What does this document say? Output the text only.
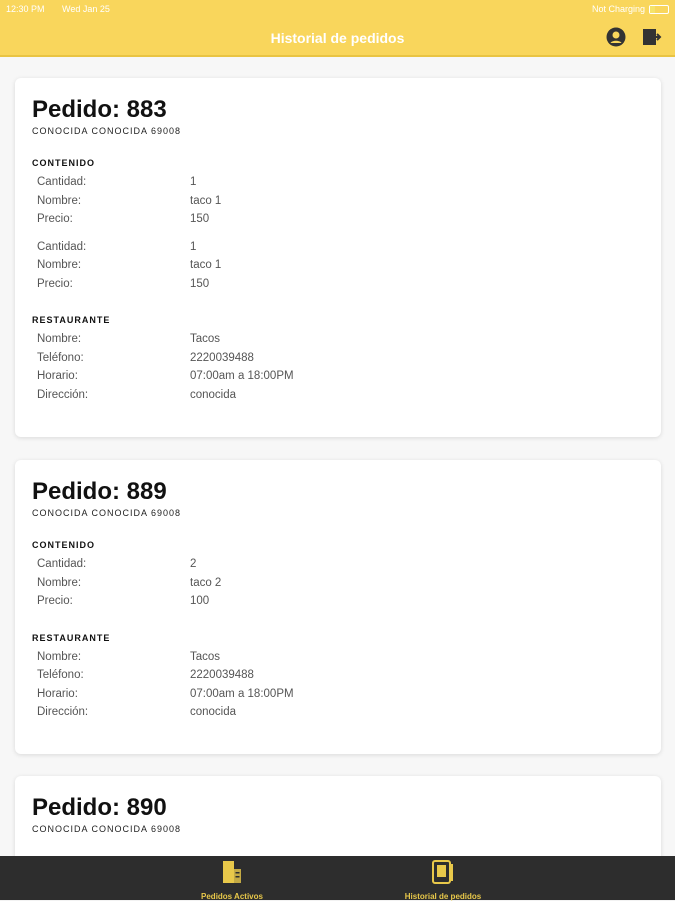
12:30 PM Wed Jan 25	Not Charging
Historial de pedidos
Pedido: 883
CONOCIDA CONOCIDA 69008
CONTENIDO
Cantidad:	1
Nombre:	taco 1
Precio:	150
Cantidad:	1
Nombre:	taco 1
Precio:	150
RESTAURANTE
Nombre:	Tacos
Teléfono:	2220039488
Horario:	07:00am a 18:00PM
Dirección:	conocida
Pedido: 889
CONOCIDA CONOCIDA 69008
CONTENIDO
Cantidad:	2
Nombre:	taco 2
Precio:	100
RESTAURANTE
Nombre:	Tacos
Teléfono:	2220039488
Horario:	07:00am a 18:00PM
Dirección:	conocida
Pedido: 890
CONOCIDA CONOCIDA 69008
Pedidos Activos	Historial de pedidos
